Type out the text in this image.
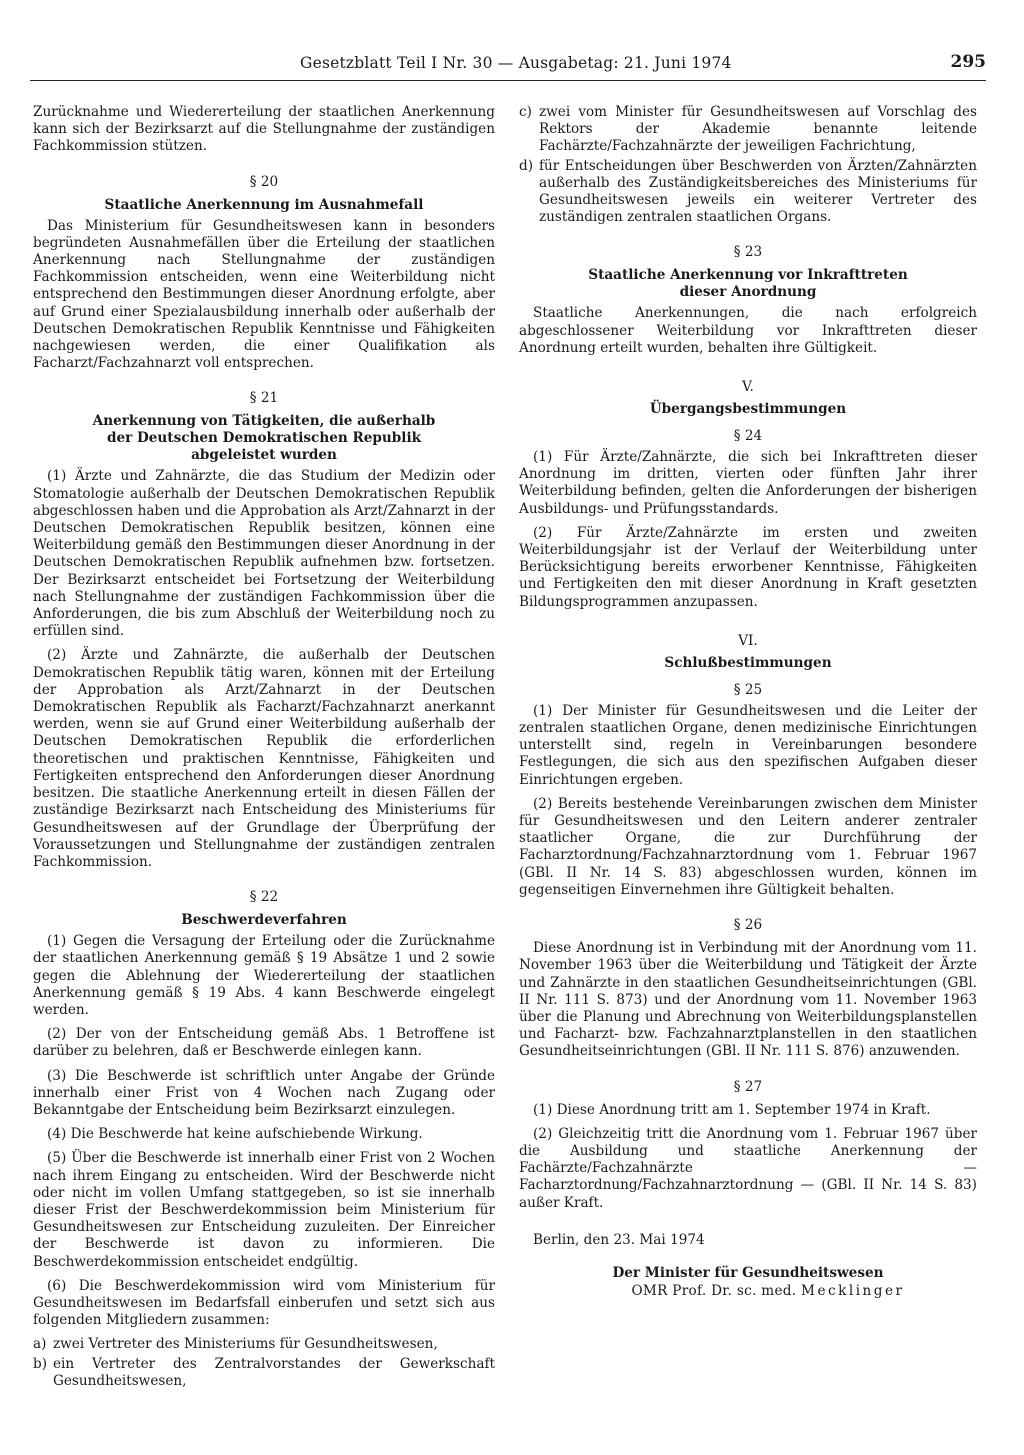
Gesetzblatt Teil I Nr. 30 — Ausgabetag: 21. Juni 1974	295

Zurücknahme und Wiedererteilung der staatlichen Anerkennung kann sich der Bezirksarzt auf die Stellungnahme der zuständigen Fachkommission stützen.

§ 20
Staatliche Anerkennung im Ausnahmefall

Das Ministerium für Gesundheitswesen kann in besonders begründeten Ausnahmefällen über die Erteilung der staatlichen Anerkennung nach Stellungnahme der zuständigen Fachkommission entscheiden, wenn eine Weiterbildung nicht entsprechend den Bestimmungen dieser Anordnung erfolgte, aber auf Grund einer Spezialausbildung innerhalb oder außerhalb der Deutschen Demokratischen Republik Kenntnisse und Fähigkeiten nachgewiesen werden, die einer Qualifikation als Facharzt/Fachzahnarzt voll entsprechen.

§ 21
Anerkennung von Tätigkeiten, die außerhalb
der Deutschen Demokratischen Republik
abgeleistet wurden

(1) Ärzte und Zahnärzte, die das Studium der Medizin oder Stomatologie außerhalb der Deutschen Demokratischen Republik abgeschlossen haben und die Approbation als Arzt/Zahnarzt in der Deutschen Demokratischen Republik besitzen, können eine Weiterbildung gemäß den Bestimmungen dieser Anordnung in der Deutschen Demokratischen Republik aufnehmen bzw. fortsetzen. Der Bezirksarzt entscheidet bei Fortsetzung der Weiterbildung nach Stellungnahme der zuständigen Fachkommission über die Anforderungen, die bis zum Abschluß der Weiterbildung noch zu erfüllen sind.

(2) Ärzte und Zahnärzte, die außerhalb der Deutschen Demokratischen Republik tätig waren, können mit der Erteilung der Approbation als Arzt/Zahnarzt in der Deutschen Demokratischen Republik als Facharzt/Fachzahnarzt anerkannt werden, wenn sie auf Grund einer Weiterbildung außerhalb der Deutschen Demokratischen Republik die erforderlichen theoretischen und praktischen Kenntnisse, Fähigkeiten und Fertigkeiten entsprechend den Anforderungen dieser Anordnung besitzen. Die staatliche Anerkennung erteilt in diesen Fällen der zuständige Bezirksarzt nach Entscheidung des Ministeriums für Gesundheitswesen auf der Grundlage der Überprüfung der Voraussetzungen und Stellungnahme der zuständigen zentralen Fachkommission.

§ 22
Beschwerdeverfahren

(1) Gegen die Versagung der Erteilung oder die Zurücknahme der staatlichen Anerkennung gemäß § 19 Absätze 1 und 2 sowie gegen die Ablehnung der Wiedererteilung der staatlichen Anerkennung gemäß § 19 Abs. 4 kann Beschwerde eingelegt werden.

(2) Der von der Entscheidung gemäß Abs. 1 Betroffene ist darüber zu belehren, daß er Beschwerde einlegen kann.

(3) Die Beschwerde ist schriftlich unter Angabe der Gründe innerhalb einer Frist von 4 Wochen nach Zugang oder Bekanntgabe der Entscheidung beim Bezirksarzt einzulegen.

(4) Die Beschwerde hat keine aufschiebende Wirkung.

(5) Über die Beschwerde ist innerhalb einer Frist von 2 Wochen nach ihrem Eingang zu entscheiden. Wird der Beschwerde nicht oder nicht im vollen Umfang stattgegeben, so ist sie innerhalb dieser Frist der Beschwerdekommission beim Ministerium für Gesundheitswesen zur Entscheidung zuzuleiten. Der Einreicher der Beschwerde ist davon zu informieren. Die Beschwerdekommission entscheidet endgültig.

(6) Die Beschwerdekommission wird vom Ministerium für Gesundheitswesen im Bedarfsfall einberufen und setzt sich aus folgenden Mitgliedern zusammen:

a) zwei Vertreter des Ministeriums für Gesundheitswesen,

b) ein Vertreter des Zentralvorstandes der Gewerkschaft Gesundheitswesen,

c) zwei vom Minister für Gesundheitswesen auf Vorschlag des Rektors der Akademie benannte leitende Fachärzte/Fachzahnärzte der jeweiligen Fachrichtung,

d) für Entscheidungen über Beschwerden von Ärzten/Zahnärzten außerhalb des Zuständigkeitsbereiches des Ministeriums für Gesundheitswesen jeweils ein weiterer Vertreter des zuständigen zentralen staatlichen Organs.

§ 23
Staatliche Anerkennung vor Inkrafttreten
dieser Anordnung

Staatliche Anerkennungen, die nach erfolgreich abgeschlossener Weiterbildung vor Inkrafttreten dieser Anordnung erteilt wurden, behalten ihre Gültigkeit.

V.
Übergangsbestimmungen
§ 24

(1) Für Ärzte/Zahnärzte, die sich bei Inkrafttreten dieser Anordnung im dritten, vierten oder fünften Jahr ihrer Weiterbildung befinden, gelten die Anforderungen der bisherigen Ausbildungs- und Prüfungsstandards.

(2) Für Ärzte/Zahnärzte im ersten und zweiten Weiterbildungsjahr ist der Verlauf der Weiterbildung unter Berücksichtigung bereits erworbener Kenntnisse, Fähigkeiten und Fertigkeiten den mit dieser Anordnung in Kraft gesetzten Bildungsprogrammen anzupassen.

VI.
Schlußbestimmungen
§ 25

(1) Der Minister für Gesundheitswesen und die Leiter der zentralen staatlichen Organe, denen medizinische Einrichtungen unterstellt sind, regeln in Vereinbarungen besondere Festlegungen, die sich aus den spezifischen Aufgaben dieser Einrichtungen ergeben.

(2) Bereits bestehende Vereinbarungen zwischen dem Minister für Gesundheitswesen und den Leitern anderer zentraler staatlicher Organe, die zur Durchführung der Facharztordnung/Fachzahnarztordnung vom 1. Februar 1967 (GBl. II Nr. 14 S. 83) abgeschlossen wurden, können im gegenseitigen Einvernehmen ihre Gültigkeit behalten.

§ 26

Diese Anordnung ist in Verbindung mit der Anordnung vom 11. November 1963 über die Weiterbildung und Tätigkeit der Ärzte und Zahnärzte in den staatlichen Gesundheitseinrichtungen (GBl. II Nr. 111 S. 873) und der Anordnung vom 11. November 1963 über die Planung und Abrechnung von Weiterbildungsplanstellen und Facharzt- bzw. Fachzahnarztplanstellen in den staatlichen Gesundheitseinrichtungen (GBl. II Nr. 111 S. 876) anzuwenden.

§ 27

(1) Diese Anordnung tritt am 1. September 1974 in Kraft.

(2) Gleichzeitig tritt die Anordnung vom 1. Februar 1967 über die Ausbildung und staatliche Anerkennung der Fachärzte/Fachzahnärzte — Facharztordnung/Fachzahnarztordnung — (GBl. II Nr. 14 S. 83) außer Kraft.

Berlin, den 23. Mai 1974

Der Minister für Gesundheitswesen
OMR Prof. Dr. sc. med. Mecklinger
